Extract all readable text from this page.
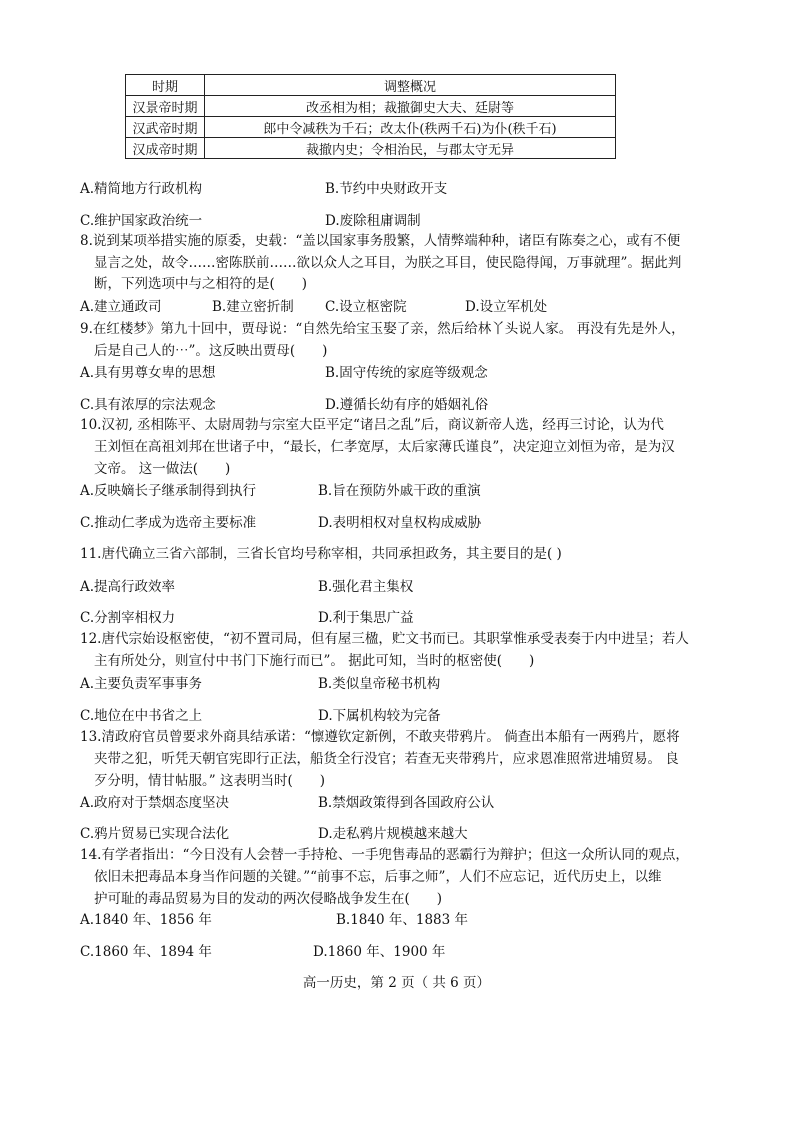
时期	调整概况
汉景帝时期	改丞相为相；裁撤御史大夫、廷尉等
汉武帝时期	郎中令减秩为千石；改太仆(秩两千石)为仆(秩千石)
汉成帝时期	裁撤内史；令相治民，与郡太守无异
A.精简地方行政机构	B.节约中央财政开支
C.维护国家政治统一	D.废除租庸调制
8.说到某项举措实施的原委，史载：“盖以国家事务殷繁，人情弊端种种，诸臣有陈奏之心，或有不便
显言之处，故令……密陈朕前……欲以众人之耳目，为朕之耳目，使民隐得闻，万事就理”。据此判
断，下列选项中与之相符的是(　　)
A.建立通政司	B.建立密折制 C.设立枢密院	D.设立军机处
9.在红楼梦》第九十回中，贾母说：“自然先给宝玉娶了亲，然后给林丫头说人家。 再没有先是外人，
后是自己人的⋯”。这反映出贾母(　　)
A.具有男尊女卑的思想	B.固守传统的家庭等级观念
C.具有浓厚的宗法观念	D.遵循长幼有序的婚姻礼俗
10.汉初, 丞相陈平、太尉周勃与宗室大臣平定“诸吕之乱”后，商议新帝人选，经再三讨论，认为代
王刘恒在高祖刘邦在世诸子中，“最长，仁孝宽厚，太后家薄氏谨良”，决定迎立刘恒为帝，是为汉
文帝。 这一做法(　　)
A.反映嫡长子继承制得到执行	B.旨在预防外戚干政的重演
C.推动仁孝成为选帝主要标准	D.表明相权对皇权构成威胁
11.唐代确立三省六部制，三省长官均号称宰相，共同承担政务，其主要目的是( )
A.提高行政效率	B.强化君主集权
C.分割宰相权力	D.利于集思广益
12.唐代宗始设枢密使，“初不置司局，但有屋三楹，贮文书而已。其职掌惟承受表奏于内中进呈；若人
主有所处分，则宣付中书门下施行而已”。 据此可知，当时的枢密使(　　)
A.主要负责军事事务	B.类似皇帝秘书机构
C.地位在中书省之上	D.下属机构较为完备
13.清政府官员曾要求外商具结承诺：“懔遵钦定新例，不敢夹带鸦片。 倘查出本船有一两鸦片，愿将
夹带之犯，听凭天朝官宪即行正法，船货全行没官；若查无夹带鸦片，应求恩准照常进埔贸易。 良
歹分明，情甘帖服。” 这表明当时(　　)
A.政府对于禁烟态度坚决	B.禁烟政策得到各国政府公认
C.鸦片贸易已实现合法化	D.走私鸦片规模越来越大
14.有学者指出：“今日没有人会替一手持枪、一手兜售毒品的恶霸行为辩护；但这一众所认同的观点，
依旧未把毒品本身当作问题的关键。”“前事不忘，后事之师”，人们不应忘记，近代历史上，以维
护可耻的毒品贸易为目的发动的两次侵略战争发生在(　　)
A.1840 年、1856 年	B.1840 年、1883 年
C.1860 年、1894 年	D.1860 年、1900 年
高一历史，第 2 页（ 共 6 页）
